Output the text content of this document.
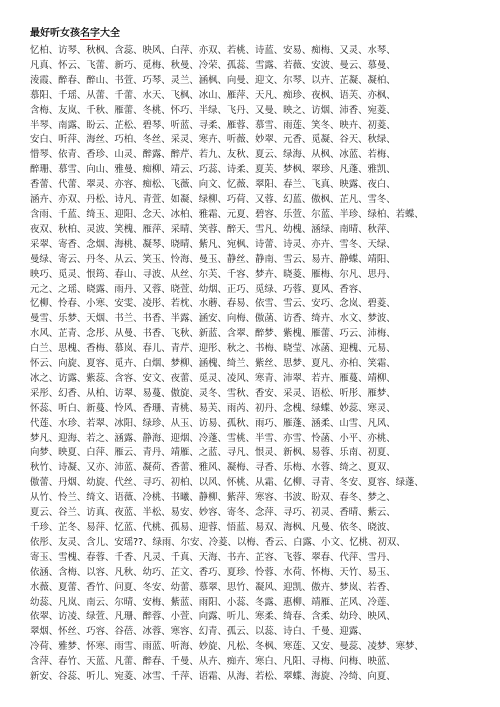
最好听女孩名字大全
忆柏、访琴、秋枫、含蕊、映风、白萍、亦双、若桃、诗蓝、安易、痴梅、又灵、水琴、
凡真、怀云、飞蕾、新巧、觅梅、秋曼、冷荣、孤蕊、雪露、若薇、安波、曼云、慕曼、
淩霞、醉春、醉山、书萱、巧琴、灵兰、涵枫、向曼、迎文、尔琴、以卉、芷凝、凝柏、
慕阳、千瑶、从蕾、千蕾、水天、飞枫、冰山、雁萍、天凡、痴珍、夜枫、语芙、亦枫、
含梅、友岚、千秋、雁蕾、冬桃、怀巧、半绿、飞丹、又曼、映之、访烟、沛香、宛菱、
半琴、南露、盼云、芷松、碧琴、听蓝、寻柔、雁蓉、慕雪、雨莲、笑冬、映卉、初菱、
安白、听萍、海丝、巧柏、冬丝、采灵、寒卉、听薇、妙翠、元香、觅凝、谷天、秋绿、
惜琴、依青、香珍、山灵、醉露、醉芹、若九、友秋、夏云、绿海、从枫、冰蓝、若梅、
醉珊、慕雪、向山、雅曼、痴柳、靖云、巧蕊、诗柔、夏芙、梦枫、翠珍、凡蓬、雅凯、
香蕾、代蕾、翠灵、亦容、痴松、飞薇、向文、忆薇、翠阳、春兰、飞真、映露、夜白、
涵卉、亦双、丹松、诗凡、青萱、如凝、绿柳、巧荷、又蓉、幻蓝、傲枫、芷凡、雪冬、
含雨、千蓝、绮玉、迎阳、念天、冰柏、雅霜、元夏、碧容、乐萱、尔蓝、半珍、绿柏、若蝶、
夜双、秋柏、灵波、笑槐、雁萍、采晴、笑蓉、醉天、雪凡、幼槐、涵绿、南晴、秋萍、
采翠、寄香、念烟、海桃、凝琴、晓晴、紫凡、宛枫、诗蕾、诗灵、亦卉、雪冬、天绿、
曼绿、寄云、丹冬、从云、笑玉、怜海、曼玉、静丝、静南、雪云、易卉、静蝶、靖阳、
映巧、觅灵、恨筠、春山、寻波、从丝、尔芙、千容、梦卉、晓菱、雁梅、尔凡、思丹、
元之、之瑶、晓露、雨丹、又蓉、晓萱、幼烟、正巧、觅绿、巧蓉、夏风、香容、
忆柳、怜春、小寒、安雯、凌彤、若枕、水蘑、春易、依雪、雪云、安巧、念岚、碧菱、
曼雪、乐梦、天烟、书兰、书香、半露、涵安、向梅、傲菡、访香、绮卉、水文、梦波、
水风、芷青、念彤、从曼、书香、飞秋、新蓝、含翠、醉梦、紫槐、雁蕾、巧云、沛梅、
白兰、思槐、香梅、慕岚、春儿、青芹、迎彤、秋之、书梅、晓莹、冰菡、迎槐、元易、
怀云、向旋、夏容、觅卉、白烟、梦柳、涵槐、绮兰、紫丝、思梦、夏凡、亦柏、笑霜、
冰之、访露、紫蕊、含容、安文、夜蕾、觅灵、凌风、寒青、沛翠、若卉、雁蔓、靖柳、
采彤、幻香、从柏、访翠、易蔓、傲旋、灵冬、雪秋、香安、采灵、语松、听彤、雁梦、
怀蕊、听白、新蔓、怜风、香珊、青桃、易芙、雨芮、初丹、念槐、绿蝶、妙蕊、寒灵、
代莲、水珍、若翠、冰阳、绿珍、从玉、访易、孤秋、雨巧、雁蓬、涵柔、山雪、凡风、
梦凡、迎海、若之、涵露、静海、迎烟、冷蓬、雪桃、半雪、亦雪、怜菡、小平、亦桃、
向梦、映夏、白萍、雁云、青丹、靖雁、之蓝、寻凡、恨灵、新枫、易蓉、乐南、初夏、
秋竹、诗凝、又亦、沛蓝、凝荷、香蕾、雅风、凝梅、寻香、乐梅、水蓉、绮之、夏双、
傲蕾、丹烟、幼旋、代丝、寻巧、初柏、以风、怀桃、从霜、亿柳、寻青、冬安、夏容、绿蓬、
从竹、怜兰、绮文、语薇、冷桃、书曦、静柳、紫萍、寒容、书波、盼双、春冬、梦之、
夏云、谷兰、访真、夜蓝、半松、易安、妙容、寄冬、念萍、寻巧、初灵、香晴、紫云、
千珍、芷冬、易萍、忆蓝、代桃、孤易、迎蓉、悟蓝、易双、海枫、凡曼、依冬、晓波、
依彤、友灵、含儿、安瑶??、绿雨、尔安、冷菱、以梅、香云、白露、小文、忆桃、初双、
寄玉、雪槐、春蓉、千香、凡灵、千真、天海、书卉、芷容、飞蓉、翠春、代萍、雪丹、
依涵、含梅、以容、凡秋、幼巧、芷文、香巧、夏珍、怜蓉、水荷、怀梅、天竹、易玉、
水薇、夏蕾、香竹、问夏、冬安、幼蕾、慕翠、思竹、凝风、迎凯、傲卉、梦岚、若香、
幼蕊、凡岚、南云、尔晴、安梅、紫蓝、雨阳、小蕊、冬露、惠柳、靖雁、芷风、冷莲、
依翠、访凌、绿萱、凡珊、醉蓉、小萱、向露、听儿、寒柔、绮春、含柔、幼玲、映风、
翠烟、怀丝、巧容、谷蓓、冰蓉、寒容、幻青、孤云、以蕊、诗白、千曼、迎露、
冷荷、雅梦、怀寒、雨雪、雨蓝、听海、妙旋、凡松、冬枫、寒莲、又安、曼蕊、凌梦、寒梦、
含萍、春竹、天蓝、凡蕾、醉春、千曼、从卉、痴卉、寒白、凡阳、寻梅、问梅、映蓝、
新安、谷蕊、听儿、宛菱、冰雪、千萍、语霜、从海、若松、翠蝶、海旋、冷绮、向夏、
